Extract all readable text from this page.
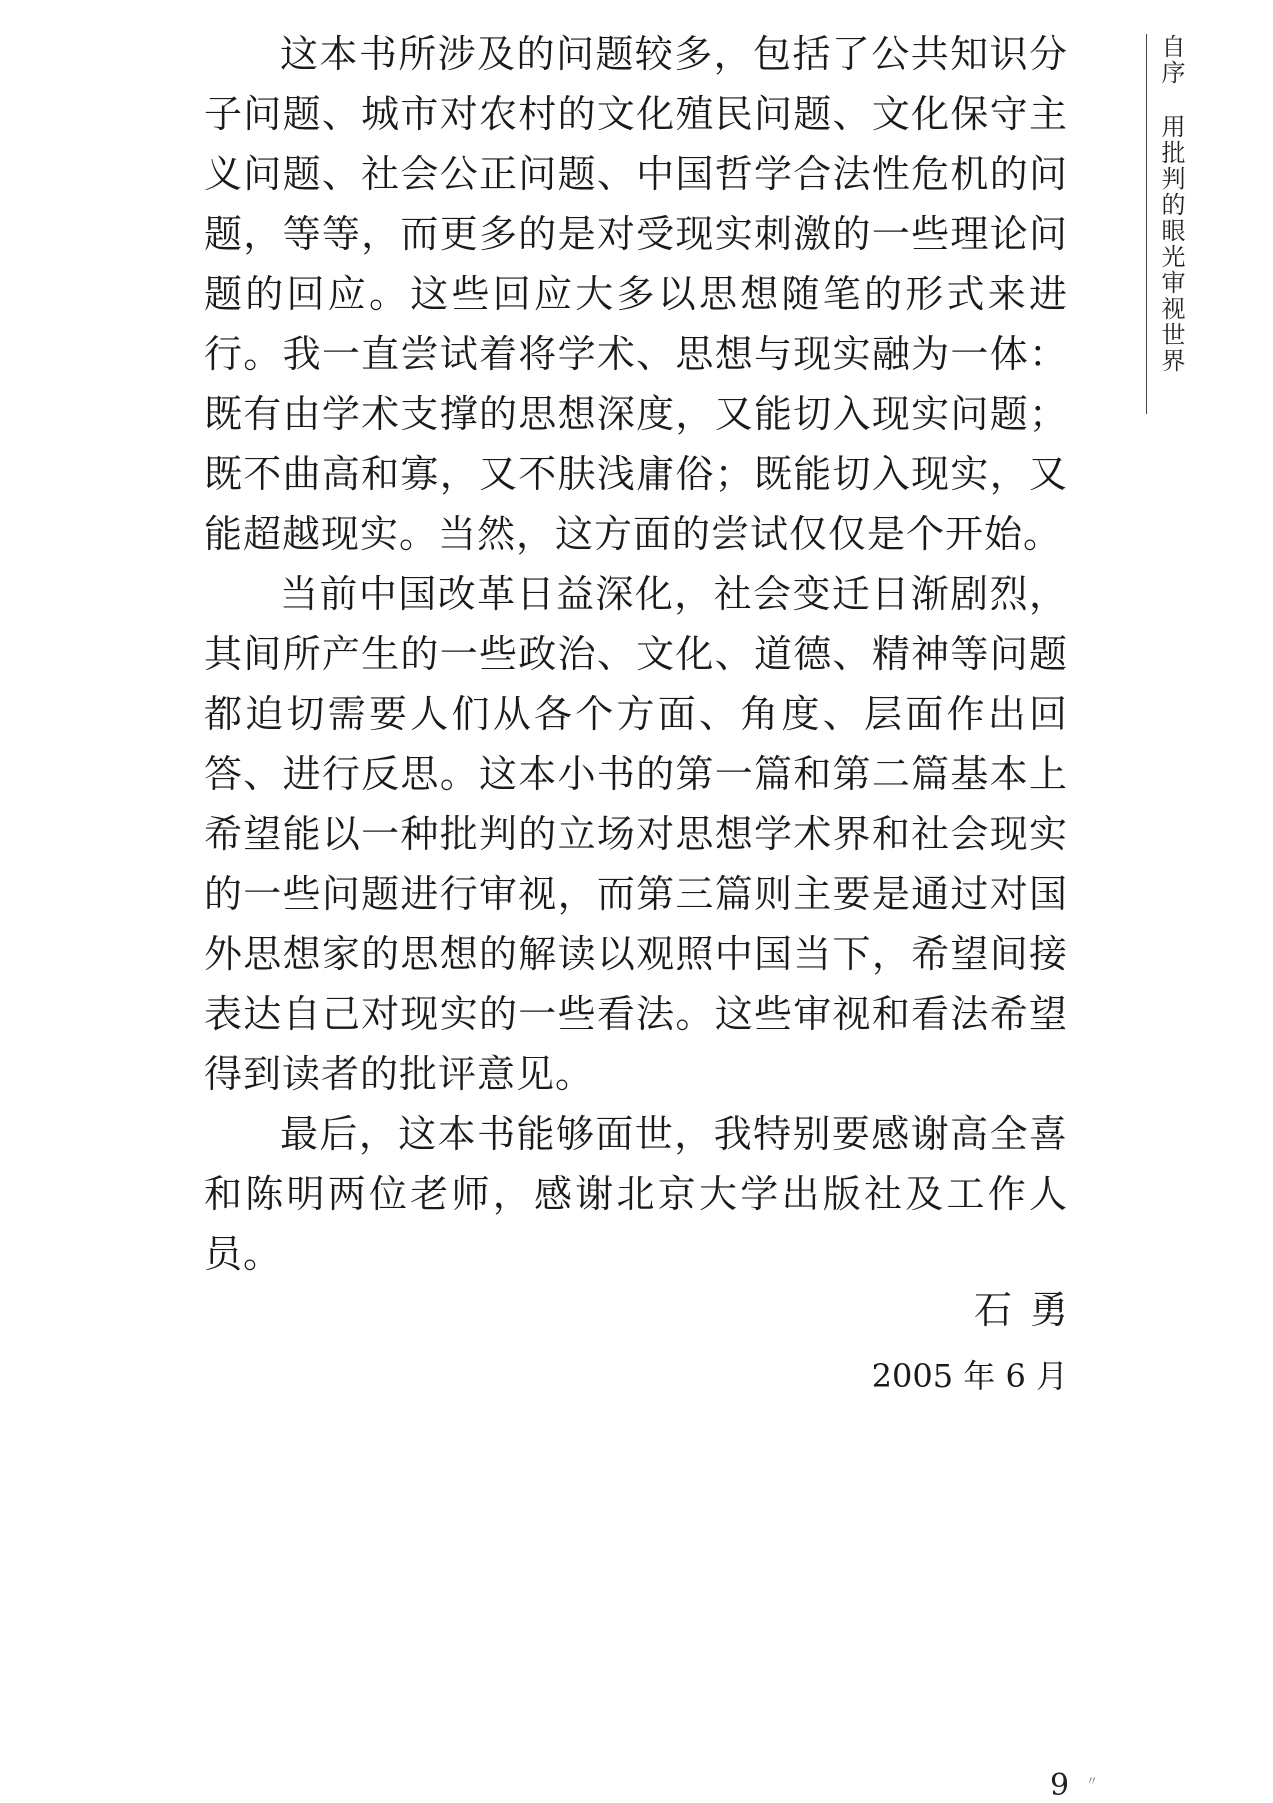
这本书所涉及的问题较多，包括了公共知识分子问题、城市对农村的文化殖民问题、文化保守主义问题、社会公正问题、中国哲学合法性危机的问题，等等，而更多的是对受现实刺激的一些理论问题的回应。这些回应大多以思想随笔的形式来进行。我一直尝试着将学术、思想与现实融为一体：既有由学术支撑的思想深度，又能切入现实问题；既不曲高和寡，又不肤浅庸俗；既能切入现实，又能超越现实。当然，这方面的尝试仅仅是个开始。

当前中国改革日益深化，社会变迁日渐剧烈，其间所产生的一些政治、文化、道德、精神等问题都迫切需要人们从各个方面、角度、层面作出回答、进行反思。这本小书的第一篇和第二篇基本上希望能以一种批判的立场对思想学术界和社会现实的一些问题进行审视，而第三篇则主要是通过对国外思想家的思想的解读以观照中国当下，希望间接表达自己对现实的一些看法。这些审视和看法希望得到读者的批评意见。

最后，这本书能够面世，我特别要感谢高全喜和陈明两位老师，感谢北京大学出版社及工作人员。

石勇
2005 年 6 月
自序用批判的眼光审视世界
9 〃
